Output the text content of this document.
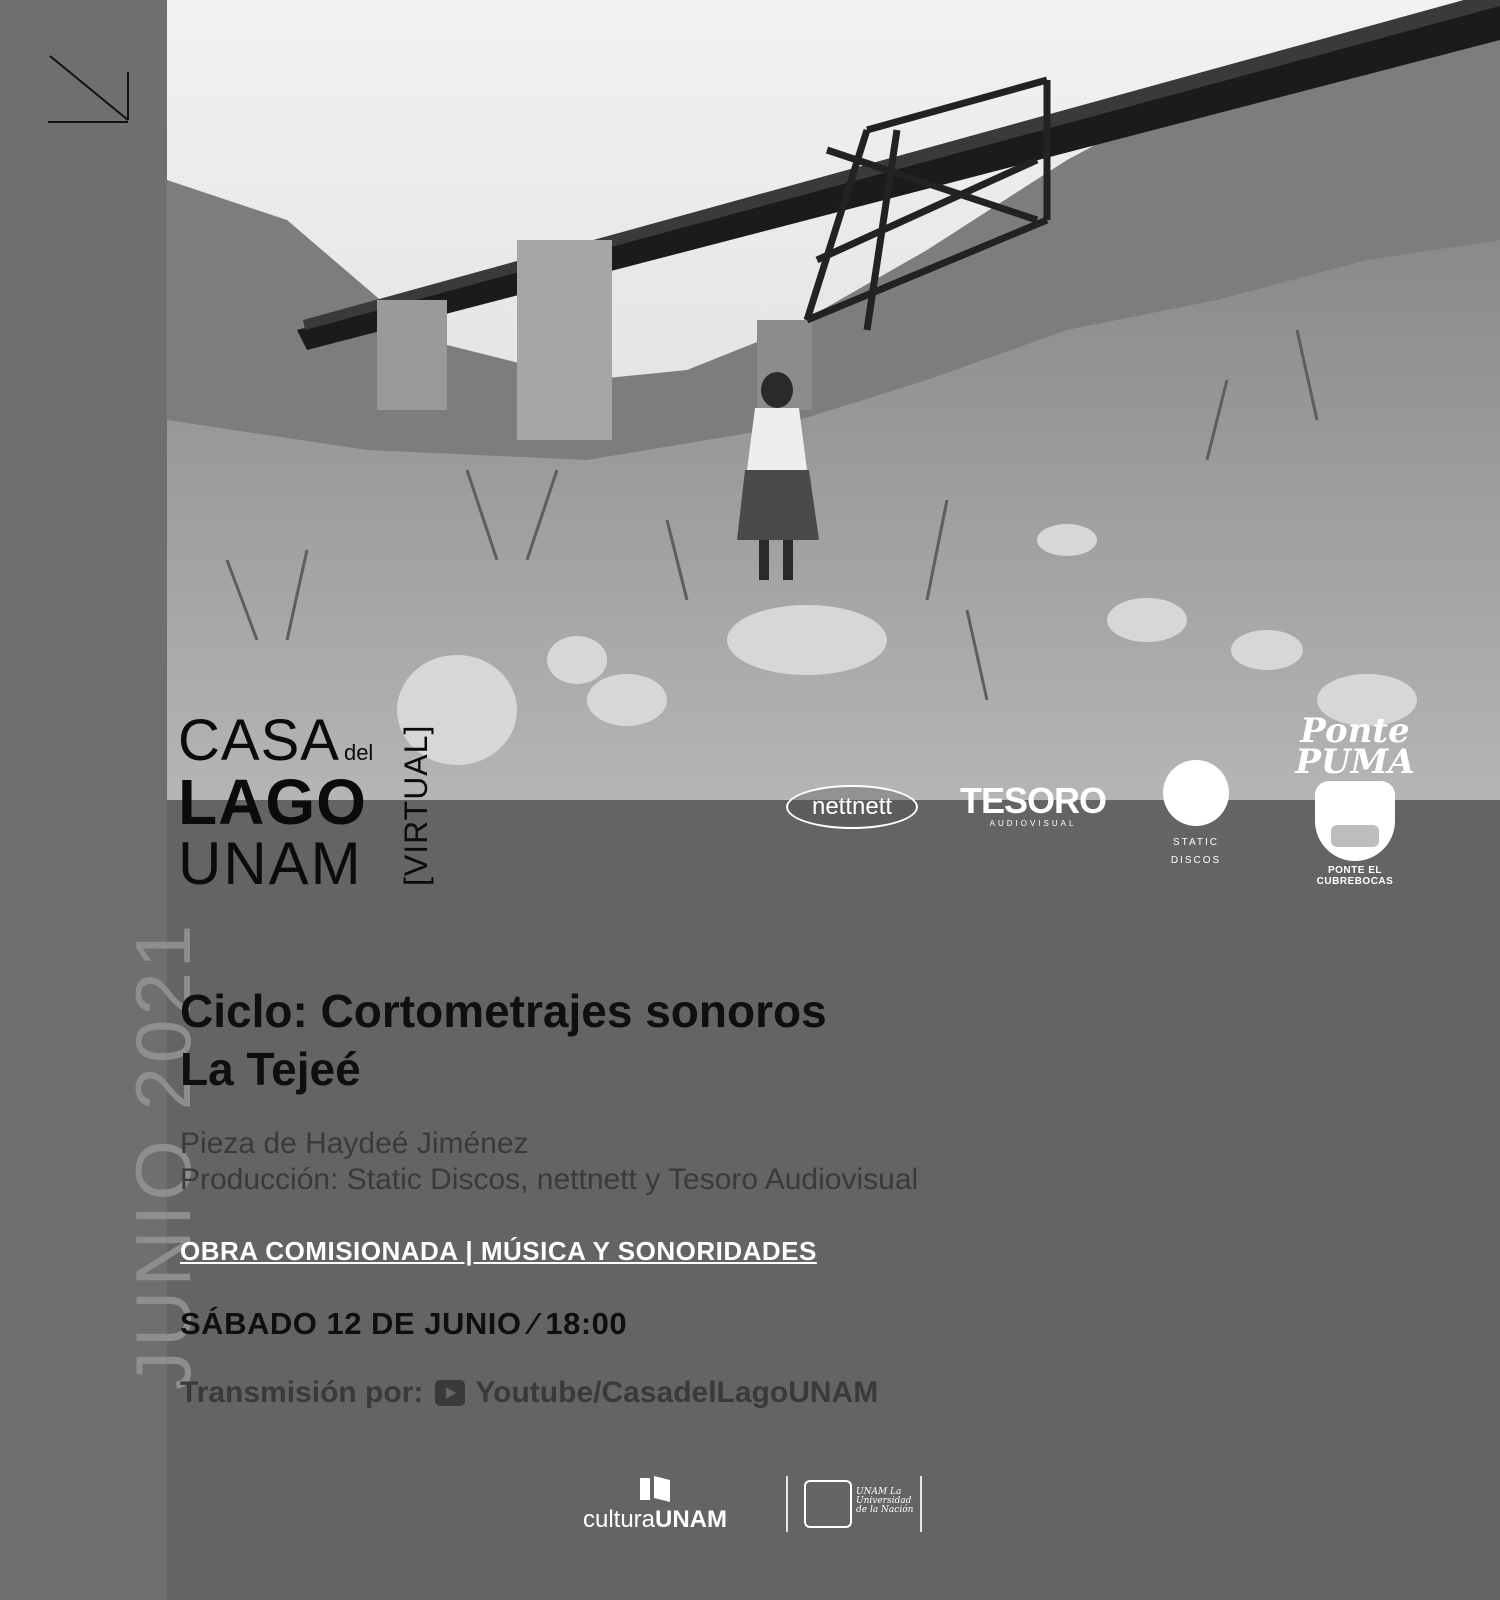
JUNIO 2021
CASA del
LAGO
UNAM	[VIRTUAL]	nettnett TESORO
AUDIOVISUAL
STATIC DISCOS
Ponte PUMA
PONTE EL CUBREBOCAS
Ciclo: Cortometrajes sonoros
La Tejeé
Pieza de Haydeé Jiménez
Producción: Static Discos, nettnett y Tesoro Audiovisual
OBRA COMISIONADA | MÚSICA Y SONORIDADES
SÁBADO 12 DE JUNIO ⁄ 18:00
Transmisión por: Youtube/CasadelLagoUNAM
culturaUNAM
UNAM La Universidad de la Nación
